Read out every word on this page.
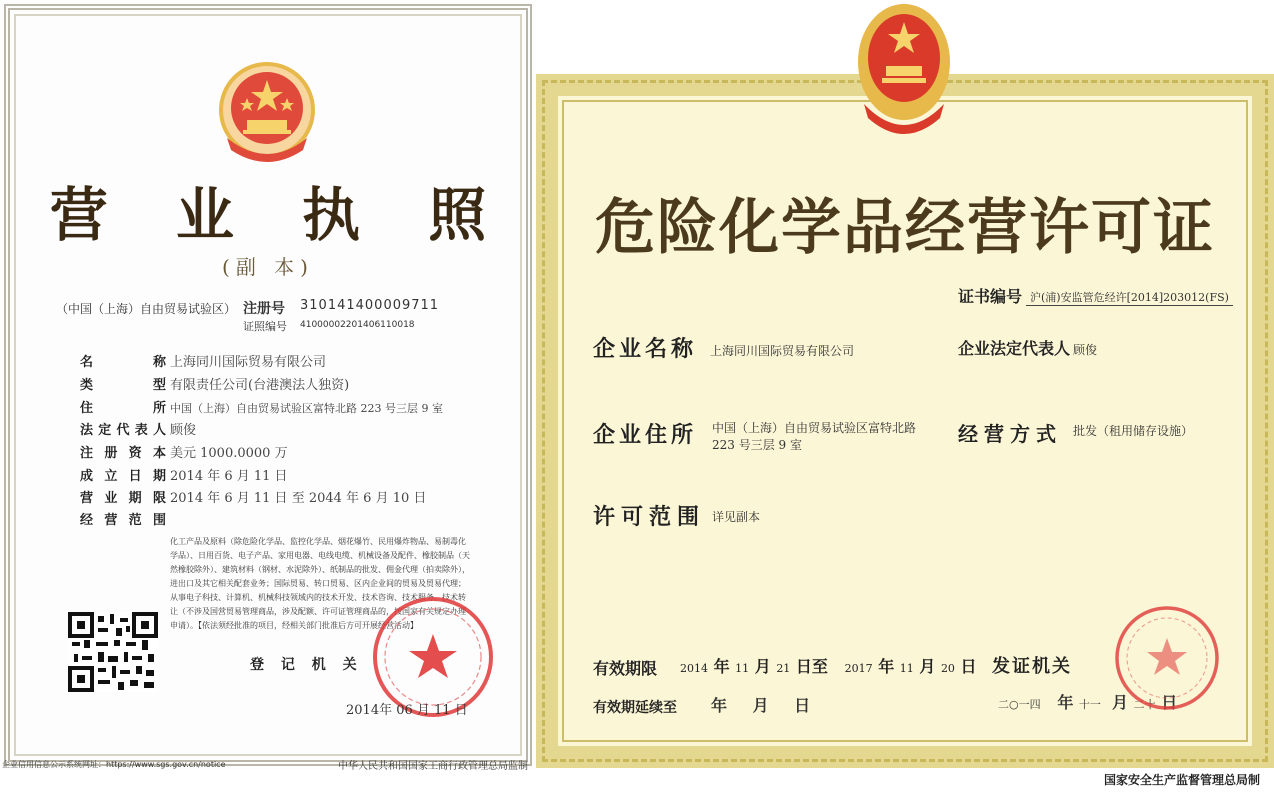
营 业 执 照
(副 本)
（中国（上海）自由贸易试验区） 注册号 310141400009711
证照编号 41000002201406110018
名称 上海同川国际贸易有限公司
类型 有限责任公司(台港澳法人独资)
住所 中国（上海）自由贸易试验区富特北路 223 号三层 9 室
法定代表人 顾俊
注册资本 美元 1000.0000 万
成立日期 2014 年 6 月 11 日
营业期限 2014 年 6 月 11 日 至 2044 年 6 月 10 日
经营范围
化工产品及原料（除危险化学品、监控化学品、烟花爆竹、民用爆炸物品、易制毒化学品）、日用百货、电子产品、家用电器、电线电缆、机械设备及配件、橡胶制品（天然橡胶除外）、建筑材料（钢材、水泥除外）、纸制品的批发、佣金代理（拍卖除外），进出口及其它相关配套业务；国际贸易、转口贸易、区内企业间的贸易及贸易代理；从事电子科技、计算机、机械科技领域内的技术开发、技术咨询、技术服务、技术转让（不涉及国营贸易管理商品，涉及配额、许可证管理商品的，按国家有关规定办理申请）。【依法须经批准的项目，经相关部门批准后方可开展经营活动】
登 记 机 关
2014年 06 月 11 日
企业信用信息公示系统网址：https://www.sgs.gov.cn/notice	中华人民共和国国家工商行政管理总局监制
危险化学品经营许可证
证书编号 沪(浦)安监管危经许[2014]203012(FS)
企业名称 上海同川国际贸易有限公司	企业法定代表人 顾俊
企业住所 中国（上海）自由贸易试验区富特北路 223 号三层 9 室	经营方式 批发（租用储存设施）
许可范围 详见副本
有效期限 2014 年 11 月 21 日至   2017 年 11 月 20 日 发证机关
有效期延续至 年 月 日	二○一四   年 十一  月 二十 日
国家安全生产监督管理总局制
